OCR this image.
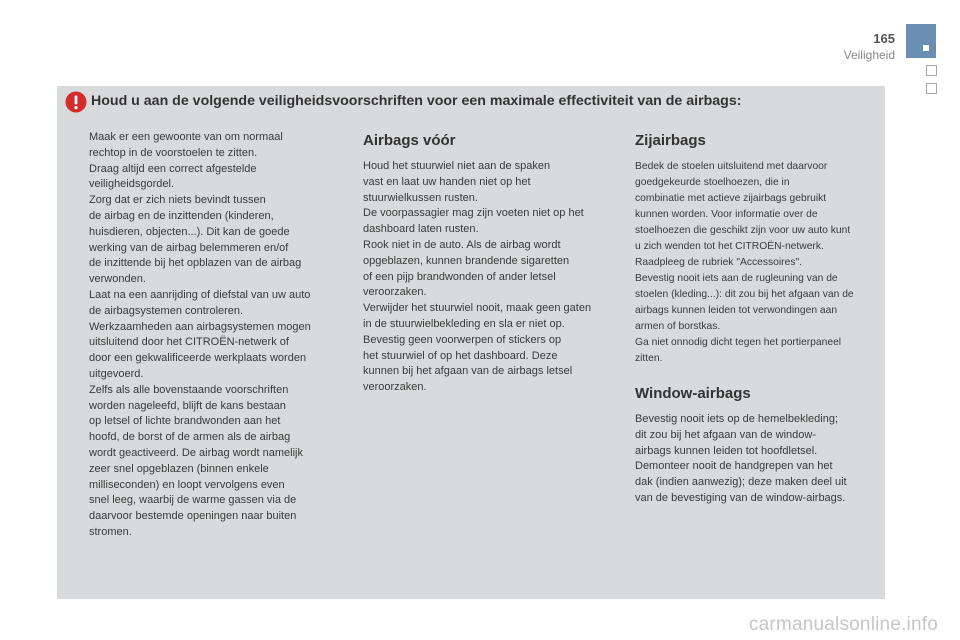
165
Veiligheid
Houd u aan de volgende veiligheidsvoorschriften voor een maximale effectiviteit van de airbags:

Maak er een gewoonte van om normaal
rechtop in de voorstoelen te zitten.
Draag altijd een correct afgestelde
veiligheidsgordel.
Zorg dat er zich niets bevindt tussen
de airbag en de inzittenden (kinderen,
huisdieren, objecten...). Dit kan de goede
werking van de airbag belemmeren en/of
de inzittende bij het opblazen van de airbag
verwonden.
Laat na een aanrijding of diefstal van uw auto
de airbagsystemen controleren.
Werkzaamheden aan airbagsystemen mogen
uitsluitend door het CITROËN-netwerk of
door een gekwalificeerde werkplaats worden
uitgevoerd.
Zelfs als alle bovenstaande voorschriften
worden nageleefd, blijft de kans bestaan
op letsel of lichte brandwonden aan het
hoofd, de borst of de armen als de airbag
wordt geactiveerd. De airbag wordt namelijk
zeer snel opgeblazen (binnen enkele
milliseconden) en loopt vervolgens even
snel leeg, waarbij de warme gassen via de
daarvoor bestemde openingen naar buiten
stromen.

Airbags vóór

Houd het stuurwiel niet aan de spaken
vast en laat uw handen niet op het
stuurwielkussen rusten.
De voorpassagier mag zijn voeten niet op het
dashboard laten rusten.
Rook niet in de auto. Als de airbag wordt
opgeblazen, kunnen brandende sigaretten
of een pijp brandwonden of ander letsel
veroorzaken.
Verwijder het stuurwiel nooit, maak geen gaten
in de stuurwielbekleding en sla er niet op.
Bevestig geen voorwerpen of stickers op
het stuurwiel of op het dashboard. Deze
kunnen bij het afgaan van de airbags letsel
veroorzaken.

Zijairbags

Bedek de stoelen uitsluitend met daarvoor
goedgekeurde stoelhoezen, die in
combinatie met actieve zijairbags gebruikt
kunnen worden. Voor informatie over de
stoelhoezen die geschikt zijn voor uw auto kunt
u zich wenden tot het CITROËN-netwerk.
Raadpleeg de rubriek "Accessoires".
Bevestig nooit iets aan de rugleuning van de
stoelen (kleding...): dit zou bij het afgaan van de
airbags kunnen leiden tot verwondingen aan
armen of borstkas.
Ga niet onnodig dicht tegen het portierpaneel
zitten.

Window-airbags

Bevestig nooit iets op de hemelbekleding;
dit zou bij het afgaan van de window-
airbags kunnen leiden tot hoofdletsel.
Demonteer nooit de handgrepen van het
dak (indien aanwezig); deze maken deel uit
van de bevestiging van de window-airbags.

carmanualsonline.info
